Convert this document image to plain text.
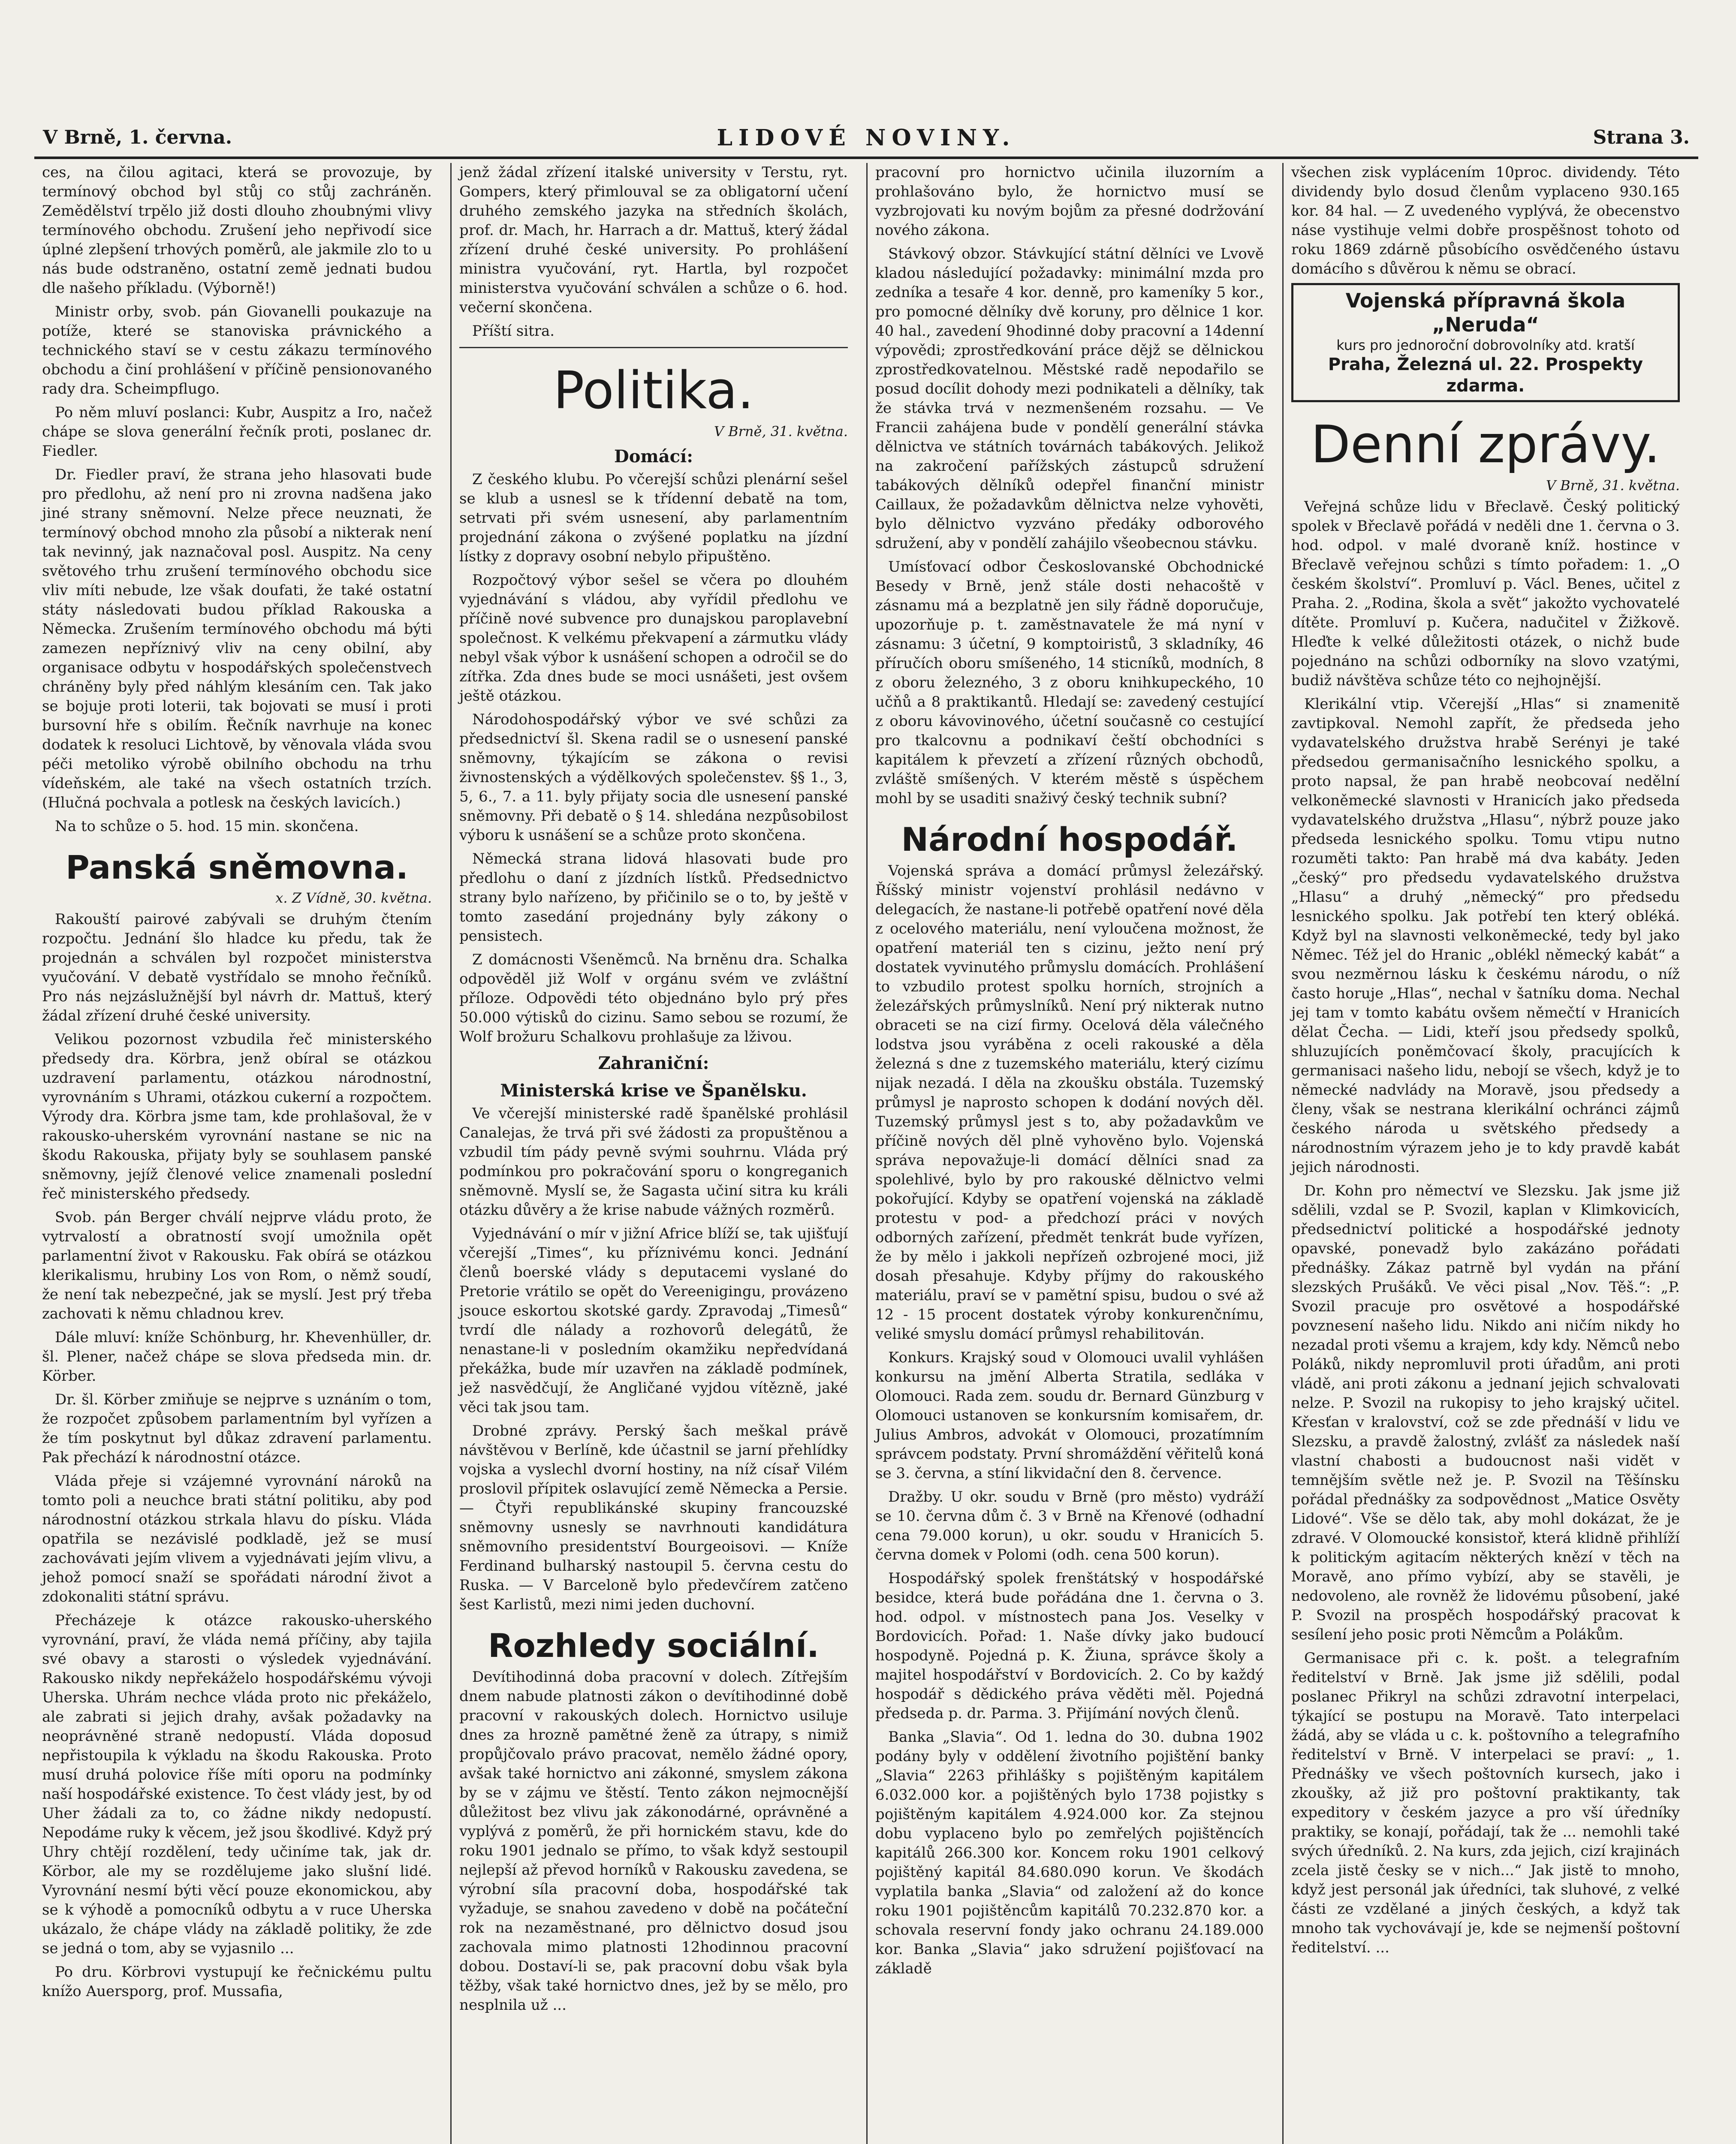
V Brně, 1. června.	LIDOVÉ NOVINY.	Strana 3.

ces, na čilou agitaci, která se provozuje, by termínový obchod byl stůj co stůj zachráněn. Zemědělství trpělo již dosti dlouho zhoubnými vlivy termínového obchodu. Zrušení jeho nepřivodí sice úplné zlepšení trhových poměrů, ale jakmile zlo to u nás bude odstraněno, ostatní země jednati budou dle našeho příkladu. (Výborně!)

Ministr orby, svob. pán Giovanelli poukazuje na potíže, které se stanoviska právnického a technického staví se v cestu zákazu termínového obchodu a činí prohlášení v příčině pensionovaného rady dra. Scheimpflugo.

Po něm mluví poslanci: Kubr, Auspitz a Iro, načež chápe se slova generální řečník proti, poslanec dr. Fiedler.

Dr. Fiedler praví, že strana jeho hlasovati bude pro předlohu, až není pro ni zrovna nadšena jako jiné strany sněmovní. Nelze přece neuznati, že termínový obchod mnoho zla působí a nikterak není tak nevinný, jak naznačoval posl. Auspitz. Na ceny světového trhu zrušení termínového obchodu sice vliv míti nebude, lze však doufati, že také ostatní státy následovati budou příklad Rakouska a Německa. Zrušením termínového obchodu má býti zamezen nepříznivý vliv na ceny obilní, aby organisace odbytu v hospodářských společenstvech chráněny byly před náhlým klesáním cen. Tak jako se bojuje proti loterii, tak bojovati se musí i proti bursovní hře s obilím. Řečník navrhuje na konec dodatek k resoluci Lichtově, by věnovala vláda svou péči metoliko výrobě obilního obchodu na trhu vídeňském, ale také na všech ostatních trzích. (Hlučná pochvala a potlesk na českých lavicích.)

Na to schůze o 5. hod. 15 min. skončena.

Panská sněmovna.

x. Z Vídně, 30. května.

Rakouští pairové zabývali se druhým čtením rozpočtu. Jednání šlo hladce ku předu, tak že projednán a schválen byl rozpočet ministerstva vyučování. V debatě vystřídalo se mnoho řečníků. Pro nás nejzáslužnější byl návrh dr. Mattuš, který žádal zřízení druhé české university.

Velikou pozornost vzbudila řeč ministerského předsedy dra. Körbra, jenž obíral se otázkou uzdravení parlamentu, otázkou národnostní, vyrovnáním s Uhrami, otázkou cukerní a rozpočtem. Výrody dra. Körbra jsme tam, kde prohlašoval, že v rakousko-uherském vyrovnání nastane se nic na škodu Rakouska, přijaty byly se souhlasem panské sněmovny, jejíž členové velice znamenali poslední řeč ministerského předsedy.

Svob. pán Berger chválí nejprve vládu proto, že vytrvalostí a obratností svojí umožnila opět parlamentní život v Rakousku. Fak obírá se otázkou klerikalismu, hrubiny Los von Rom, o němž soudí, že není tak nebezpečné, jak se myslí. Jest prý třeba zachovati k němu chladnou krev.

Dále mluví: kníže Schönburg, hr. Khevenhüller, dr. šl. Plener, načež chápe se slova předseda min. dr. Körber.

Dr. šl. Körber zmiňuje se nejprve s uznáním o tom, že rozpočet způsobem parlamentním byl vyřízen a že tím poskytnut byl důkaz zdravení parlamentu. Pak přechází k národnostní otázce.

Vláda přeje si vzájemné vyrovnání nároků na tomto poli a neuchce brati státní politiku, aby pod národnostní otázkou strkala hlavu do písku. Vláda opatřila se nezávislé podkladě, jež se musí zachovávati jejím vlivem a vyjednávati jejím vlivu, a jehož pomocí snaží se spořádati národní život a zdokonaliti státní správu.

Přecházeje k otázce rakousko-uherského vyrovnání, praví, že vláda nemá příčiny, aby tajila své obavy a starosti o výsledek vyjednávání. Rakousko nikdy nepřekáželo hospodářskému vývoji Uherska. Uhrám nechce vláda proto nic překáželo, ale zabrati si jejich drahy, avšak požadavky na neoprávněné straně nedopustí. Vláda doposud nepřistoupila k výkladu na škodu Rakouska. Proto musí druhá polovice říše míti oporu na podmínky naší hospodářské existence. To čest vlády jest, by od Uher žádali za to, co žádne nikdy nedopustí. Nepodáme ruky k věcem, jež jsou škodlivé. Když prý Uhry chtějí rozdělení, tedy učiníme tak, jak dr. Körbor, ale my se rozdělujeme jako slušní lidé. Vyrovnání nesmí býti věcí pouze ekonomickou, aby se k výhodě a pomocníků odbytu a v ruce Uherska ukázalo, že chápe vlády na základě politiky, že zde se jedná o tom, aby se vyjasnilo ...

Po dru. Körbrovi vystupují ke řečnickému pultu knížo Auersporg, prof. Mussafia,

jenž žádal zřízení italské university v Terstu, ryt. Gompers, který přimlouval se za obligatorní učení druhého zemského jazyka na středních školách, prof. dr. Mach, hr. Harrach a dr. Mattuš, který žádal zřízení druhé české university. Po prohlášení ministra vyučování, ryt. Hartla, byl rozpočet ministerstva vyučování schválen a schůze o 6. hod. večerní skončena.

Příští sitra.

Politika.

V Brně, 31. května.

Domácí:

Z českého klubu. Po včerejší schůzi plenární sešel se klub a usnesl se k třídenní debatě na tom, setrvati při svém usnesení, aby parlamentním projednání zákona o zvýšené poplatku na jízdní lístky z dopravy osobní nebylo připuštěno.

Rozpočtový výbor sešel se včera po dlouhém vyjednávání s vládou, aby vyřídil předlohu ve příčině nové subvence pro dunajskou paroplavební společnost. K velkému překvapení a zármutku vlády nebyl však výbor k usnášení schopen a odročil se do zítřka. Zda dnes bude se moci usnášeti, jest ovšem ještě otázkou.

Národohospodářský výbor ve své schůzi za předsednictví šl. Skena radil se o usnesení panské sněmovny, týkajícím se zákona o revisi živnostenských a výdělkových společenstev. §§ 1., 3, 5, 6., 7. a 11. byly přijaty socia dle usnesení panské sněmovny. Při debatě o § 14. shledána nezpůsobilost výboru k usnášení se a schůze proto skončena.

Německá strana lidová hlasovati bude pro předlohu o daní z jízdních lístků. Předsednictvo strany bylo nařízeno, by přičinilo se o to, by ještě v tomto zasedání projednány byly zákony o pensistech.

Z domácnosti Všeněmců. Na brněnu dra. Schalka odpověděl již Wolf v orgánu svém ve zvláštní příloze. Odpovědi této objednáno bylo prý přes 50.000 výtisků do cizinu. Samo sebou se rozumí, že Wolf brožuru Schalkovu prohlašuje za lživou.

Zahraniční:

Ministerská krise ve Španělsku.

Ve včerejší ministerské radě španělské prohlásil Canalejas, že trvá při své žádosti za propuštěnou a vzbudil tím pády pevně svými souhrnu. Vláda prý podmínkou pro pokračování sporu o kongreganich sněmovně. Myslí se, že Sagasta učiní sitra ku králi otázku důvěry a že krise nabude vážných rozměrů.

Vyjednávání o mír v jižní Africe blíží se, tak ujišťují včerejší „Times“, ku příznivému konci. Jednání členů boerské vlády s deputacemi vyslané do Pretorie vrátilo se opět do Vereenigingu, provázeno jsouce eskortou skotské gardy. Zpravodaj „Timesů“ tvrdí dle nálady a rozhovorů delegátů, že nenastane-li v posledním okamžiku nepředvídaná překážka, bude mír uzavřen na základě podmínek, jež nasvědčují, že Angličané vyjdou vítězně, jaké věci tak jsou tam.

Drobné zprávy. Perský šach meškal právě návštěvou v Berlíně, kde účastnil se jarní přehlídky vojska a vyslechl dvorní hostiny, na níž císař Vilém proslovil přípitek oslavující země Německa a Persie. — Čtyři republikánské skupiny francouzské sněmovny usnesly se navrhnouti kandidátura sněmovního presidentství Bourgeoisovi. — Kníže Ferdinand bulharský nastoupil 5. června cestu do Ruska. — V Barceloně bylo předevčírem zatčeno šest Karlistů, mezi nimi jeden duchovní.

Rozhledy sociální.

Devítihodinná doba pracovní v dolech. Zítřejším dnem nabude platnosti zákon o devítihodinné době pracovní v rakouských dolech. Hornictvo usiluje dnes za hrozně pamětné ženě za útrapy, s nimiž propůjčovalo právo pracovat, nemělo žádné opory, avšak také hornictvo ani zákonné, smyslem zákona by se v zájmu ve štěstí. Tento zákon nejmocnější důležitost bez vlivu jak zákonodárné, oprávněné a vyplývá z poměrů, že při hornickém stavu, kde do roku 1901 jednalo se přímo, to však když sestoupil nejlepší až převod horníků v Rakousku zavedena, se výrobní síla pracovní doba, hospodářské tak vyžaduje, se snahou zavedeno v době na počáteční rok na nezaměstnané, pro dělnictvo dosud jsou zachovala mimo platnosti 12hodinnou pracovní dobou. Dostaví-li se, pak pracovní dobu však byla těžby, však také hornictvo dnes, jež by se mělo, pro nesplnila už ...

pracovní pro hornictvo učinila iluzorním a prohlašováno bylo, že hornictvo musí se vyzbrojovati ku novým bojům za přesné dodržování nového zákona.

Stávkový obzor. Stávkující státní dělníci ve Lvově kladou následující požadavky: minimální mzda pro zedníka a tesaře 4 kor. denně, pro kameníky 5 kor., pro pomocné dělníky dvě koruny, pro dělnice 1 kor. 40 hal., zavedení 9hodinné doby pracovní a 14denní výpovědi; zprostředkování práce dějž se dělnickou zprostředkovatelnou. Městské radě nepodařilo se posud docílit dohody mezi podnikateli a dělníky, tak že stávka trvá v nezmenšeném rozsahu. — Ve Francii zahájena bude v pondělí generální stávka dělnictva ve státních továrnách tabákových. Jelikož na zakročení pařížských zástupců sdružení tabákových dělníků odepřel finanční ministr Caillaux, že požadavkům dělnictva nelze vyhověti, bylo dělnictvo vyzváno předáky odborového sdružení, aby v pondělí zahájilo všeobecnou stávku.

Umísťovací odbor Českoslovanské Obchodnické Besedy v Brně, jenž stále dosti nehacoště v zásnamu má a bezplatně jen sily řádně doporučuje, upozorňuje p. t. zaměstnavatele že má nyní v zásnamu: 3 účetní, 9 komptoiristů, 3 skladníky, 46 příručích oboru smíšeného, 14 sticníků, modních, 8 z oboru železného, 3 z oboru knihkupeckého, 10 učňů a 8 praktikantů. Hledají se: zavedený cestující z oboru kávovinového, účetní současně co cestující pro tkalcovnu a podnikaví čeští obchodníci s kapitálem k převzetí a zřízení různých obchodů, zvláště smíšených. V kterém městě s úspěchem mohl by se usaditi snaživý český technik subní?

Národní hospodář.

Vojenská správa a domácí průmysl železářský. Říšský ministr vojenství prohlásil nedávno v delegacích, že nastane-li potřebě opatření nové děla z ocelového materiálu, není vyloučena možnost, že opatření materiál ten s cizinu, ježto není prý dostatek vyvinutého průmyslu domácích. Prohlášení to vzbudilo protest spolku horních, strojních a železářských průmyslníků. Není prý nikterak nutno obraceti se na cizí firmy. Ocelová děla válečného lodstva jsou vyráběna z oceli rakouské a děla železná s dne z tuzemského materiálu, který cizímu nijak nezadá. I děla na zkoušku obstála. Tuzemský průmysl je naprosto schopen k dodání nových děl. Tuzemský průmysl jest s to, aby požadavkům ve příčině nových děl plně vyhověno bylo. Vojenská správa nepovažuje-li domácí dělníci snad za spolehlivé, bylo by pro rakouské dělnictvo velmi pokořující. Kdyby se opatření vojenská na základě protestu v pod- a předchozí práci v nových odborných zařízení, předmět tenkrát bude vyřízen, že by mělo i jakkoli nepřízeň ozbrojené moci, již dosah přesahuje. Kdyby příjmy do rakouského materiálu, praví se v pamětní spisu, budou o své až 12 - 15 procent dostatek výroby konkurenčnímu, veliké smyslu domácí průmysl rehabilitován.

Konkurs. Krajský soud v Olomouci uvalil vyhlášen konkursu na jmění Alberta Stratila, sedláka v Olomouci. Rada zem. soudu dr. Bernard Günzburg v Olomouci ustanoven se konkursním komisařem, dr. Julius Ambros, advokát v Olomouci, prozatímním správcem podstaty. První shromáždění věřitelů koná se 3. června, a stíní likvidační den 8. července.

Dražby. U okr. soudu v Brně (pro město) vydráží se 10. června dům č. 3 v Brně na Křenové (odhadní cena 79.000 korun), u okr. soudu v Hranicích 5. června domek v Polomi (odh. cena 500 korun).

Hospodářský spolek frenštátský v hospodářské besidce, která bude pořádána dne 1. června o 3. hod. odpol. v místnostech pana Jos. Veselky v Bordovicích. Pořad: 1. Naše dívky jako budoucí hospodyně. Pojedná p. K. Žiuna, správce školy a majitel hospodářství v Bordovicích. 2. Co by každý hospodář s dědického práva věděti měl. Pojedná předseda p. dr. Parma. 3. Přijímání nových členů.

Banka „Slavia“. Od 1. ledna do 30. dubna 1902 podány byly v oddělení životního pojištění banky „Slavia“ 2263 přihlášky s pojištěným kapitálem 6.032.000 kor. a pojištěných bylo 1738 pojistky s pojištěným kapitálem 4.924.000 kor. Za stejnou dobu vyplaceno bylo po zemřelých pojištěncích kapitálů 266.300 kor. Koncem roku 1901 celkový pojištěný kapitál 84.680.090 korun. Ve škodách vyplatila banka „Slavia“ od založení až do konce roku 1901 pojištěncům kapitálů 70.232.870 kor. a schovala reservní fondy jako ochranu 24.189.000 kor. Banka „Slavia“ jako sdružení pojišťovací na základě

všechen zisk vyplácením 10proc. dividendy. Této dividendy bylo dosud členům vyplaceno 930.165 kor. 84 hal. — Z uvedeného vyplývá, že obecenstvo náse vystihuje velmi dobře prospěšnost tohoto od roku 1869 zdárně působícího osvědčeného ústavu domácího s důvěrou k němu se obrací.

Vojenská přípravná škola „Neruda“
kurs pro jednoroční dobrovolníky atd. kratší
Praha, Železná ul. 22. Prospekty zdarma.
Denní zprávy.

V Brně, 31. května.

Veřejná schůze lidu v Břeclavě. Český politický spolek v Břeclavě pořádá v neděli dne 1. června o 3. hod. odpol. v malé dvoraně kníž. hostince v Břeclavě veřejnou schůzi s tímto pořadem: 1. „O českém školství“. Promluví p. Václ. Benes, učitel z Praha. 2. „Rodina, škola a svět“ jakožto vychovatelé dítěte. Promluví p. Kučera, nadučitel v Žižkově. Hleďte k velké důležitosti otázek, o nichž bude pojednáno na schůzi odborníky na slovo vzatými, budiž návštěva schůze této co nejhojnější.

Klerikální vtip. Včerejší „Hlas“ si znamenitě zavtipkoval. Nemohl zapřít, že předseda jeho vydavatelského družstva hrabě Serényi je také předsedou germanisačního lesnického spolku, a proto napsal, že pan hrabě neobcovaí nedělní velkoněmecké slavnosti v Hranicích jako předseda vydavatelského družstva „Hlasu“, nýbrž pouze jako předseda lesnického spolku. Tomu vtipu nutno rozuměti takto: Pan hrabě má dva kabáty. Jeden „český“ pro předsedu vydavatelského družstva „Hlasu“ a druhý „německý“ pro předsedu lesnického spolku. Jak potřebí ten který obléká. Když byl na slavnosti velkoněmecké, tedy byl jako Němec. Též jel do Hranic „oblékl německý kabát“ a svou nezměrnou lásku k českému národu, o níž často horuje „Hlas“, nechal v šatníku doma. Nechal jej tam v tomto kabátu ovšem němečtí v Hranicích dělat Čecha. — Lidi, kteří jsou předsedy spolků, shluzujících poněmčovací školy, pracujících k germanisaci našeho lidu, nebojí se všech, když je to německé nadvlády na Moravě, jsou předsedy a členy, však se nestrana klerikální ochránci zájmů českého národa u světského předsedy a národnostním výrazem jeho je to kdy pravdě kabát jejich národnosti.

Dr. Kohn pro němectví ve Slezsku. Jak jsme již sdělili, vzdal se P. Svozil, kaplan v Klimkovicích, předsednictví politické a hospodářské jednoty opavské, ponevadž bylo zakázáno pořádati přednášky. Zákaz patrně byl vydán na přání slezských Prušáků. Ve věci pisal „Nov. Těš.“: „P. Svozil pracuje pro osvětové a hospodářské povznesení našeho lidu. Nikdo ani ničím nikdy ho nezadal proti všemu a krajem, kdy kdy. Němců nebo Poláků, nikdy nepromluvil proti úřadům, ani proti vládě, ani proti zákonu a jednaní jejich schvalovati nelze. P. Svozil na rukopisy to jeho krajský učitel. Křesťan v kralovství, což se zde přednáší v lidu ve Slezsku, a pravdě žalostný, zvlášť za následek naší vlastní chabosti a budoucnost naši vidět v temnějším světle než je. P. Svozil na Těšínsku pořádal přednášky za sodpovědnost „Matice Osvěty Lidové“. Vše se dělo tak, aby mohl dokázat, že je zdravé. V Olomoucké konsistoř, která klidně přihlíží k politickým agitacím některých knězí v těch na Moravě, ano přímo vybízí, aby se stavěli, je nedovoleno, ale rovněž že lidovému působení, jaké P. Svozil na prospěch hospodářský pracovat k sesílení jeho posic proti Němcům a Polákům.

Germanisace při c. k. pošt. a telegrafním ředitelství v Brně. Jak jsme již sdělili, podal poslanec Přikryl na schůzi zdravotní interpelaci, týkající se postupu na Moravě. Tato interpelaci žádá, aby se vláda u c. k. poštovního a telegrafního ředitelství v Brně. V interpelaci se praví: „ 1. Přednášky ve všech poštovních kursech, jako i zkoušky, až již pro poštovní praktikanty, tak expeditory v českém jazyce a pro vší úředníky praktiky, se konají, pořádají, tak že ... nemohli také svých úředníků. 2. Na kurs, zda jejich, cizí krajinách zcela jistě česky se v nich...“ Jak jistě to mnoho, když jest personál jak úředníci, tak sluhové, z velké části ze vzdělané a jiných českých, a když tak mnoho tak vychovávají je, kde se nejmenší poštovní ředitelství. ...
